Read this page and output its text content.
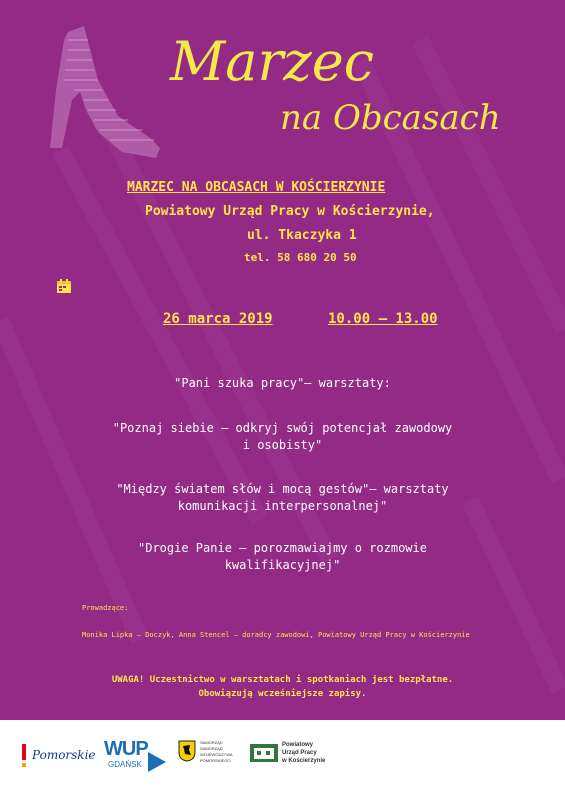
​
Marzec
na Obcasach
MARZEC NA OBCASACH W KOŚCIERZYNIE
Powiatowy Urząd Pracy w Kościerzynie,
ul. Tkaczyka 1
tel. 58 680 20 50
26 marca 2019	10.00 – 13.00
"Pani szuka pracy"– warsztaty:
"Poznaj siebie – odkryj swój potencjał zawodowy
i osobisty"
"Między światem słów i mocą gestów"– warsztaty
komunikacji interpersonalnej"
"Drogie Panie – porozmawiajmy o rozmowie
kwalifikacyjnej"
Prowadzące:
Monika Lipka – Doczyk, Anna Stencel – doradcy zawodowi, Powiatowy Urząd Pracy w Kościerzynie
UWAGA! Uczestnictwo w warsztatach i spotkaniach jest bezpłatne.
Obowiązują wcześniejsze zapisy.
Pomorskie WUP
GDAŃSK
SAMORZĄD
SAMORZĄD
WOJEWÓDZTWA
POMORSKIEGO
Powiatowy
Urząd Pracy
w Kościerzynie
